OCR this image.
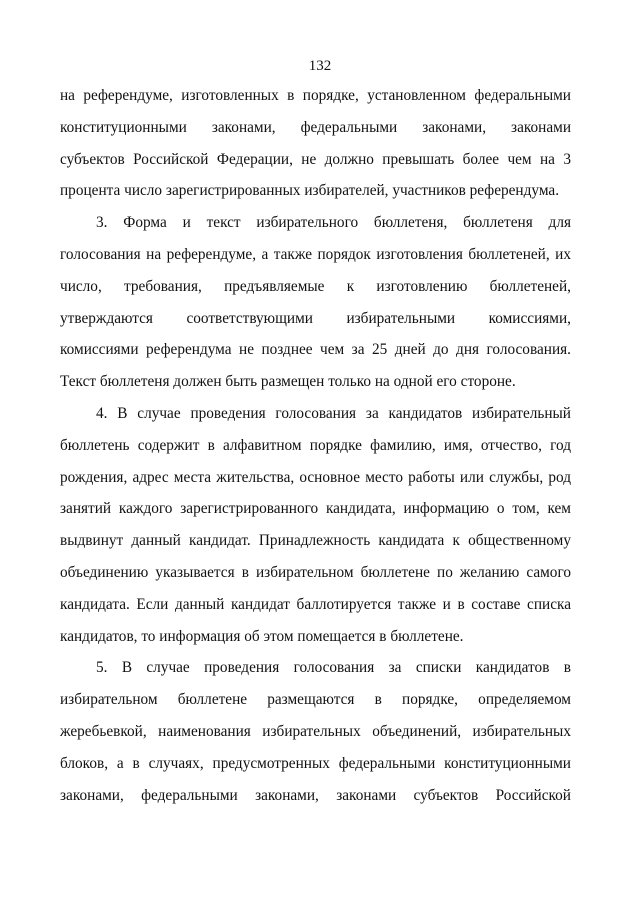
132
на референдуме, изготовленных в порядке, установленном федеральными
конституционными законами, федеральными законами, законами
субъектов Российской Федерации, не должно превышать более чем на 3
процента число зарегистрированных избирателей, участников референдума.
3. Форма и текст избирательного бюллетеня, бюллетеня для
голосования на референдуме, а также порядок изготовления бюллетеней, их
число, требования, предъявляемые к изготовлению бюллетеней,
утверждаются соответствующими избирательными комиссиями,
комиссиями референдума не позднее чем за 25 дней до дня голосования.
Текст бюллетеня должен быть размещен только на одной его стороне.
4. В случае проведения голосования за кандидатов избирательный
бюллетень содержит в алфавитном порядке фамилию, имя, отчество, год
рождения, адрес места жительства, основное место работы или службы, род
занятий каждого зарегистрированного кандидата, информацию о том, кем
выдвинут данный кандидат. Принадлежность кандидата к общественному
объединению указывается в избирательном бюллетене по желанию самого
кандидата. Если данный кандидат баллотируется также и в составе списка
кандидатов, то информация об этом помещается в бюллетене.
5. В случае проведения голосования за списки кандидатов в
избирательном бюллетене размещаются в порядке, определяемом
жеребьевкой, наименования избирательных объединений, избирательных
блоков, а в случаях, предусмотренных федеральными конституционными
законами, федеральными законами, законами субъектов Российской
